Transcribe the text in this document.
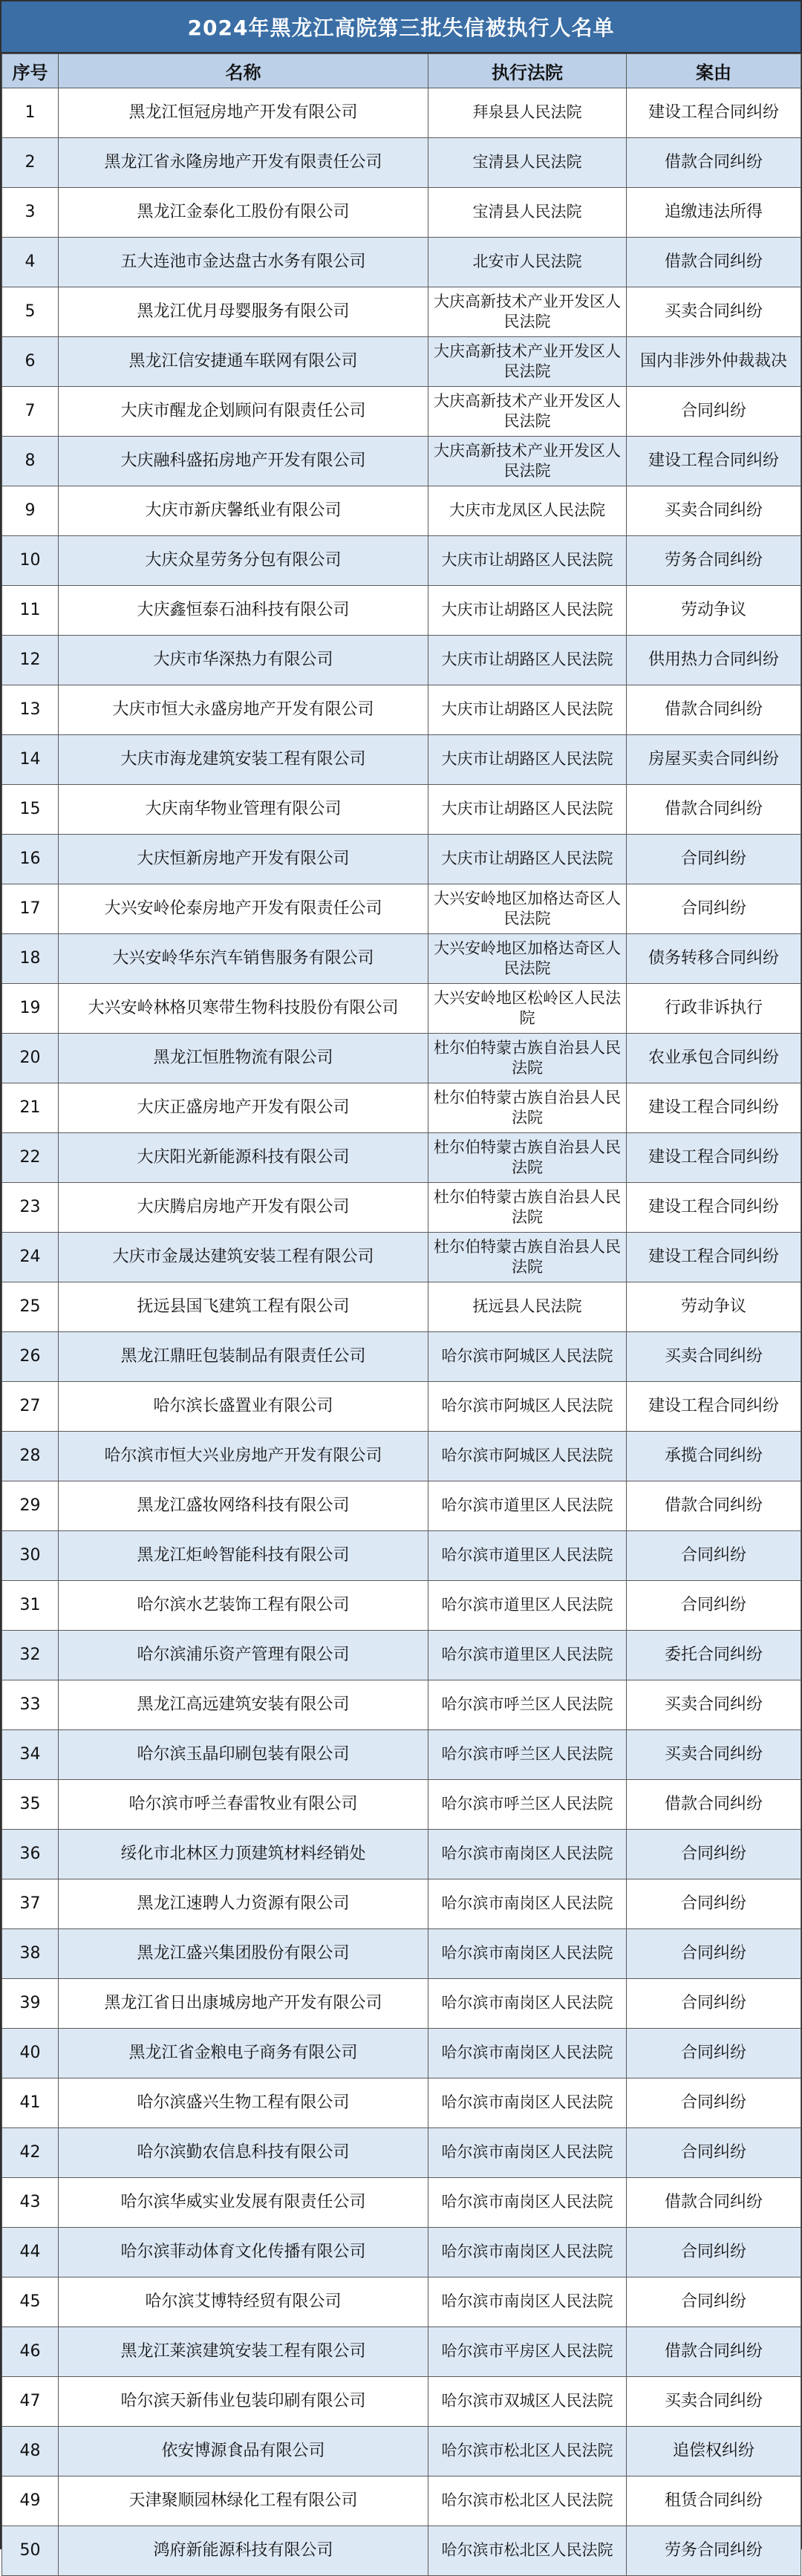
2024年黑龙江高院第三批失信被执行人名单
序号	名称	执行法院	案由
1	黑龙江恒冠房地产开发有限公司	拜泉县人民法院	建设工程合同纠纷
2	黑龙江省永隆房地产开发有限责任公司	宝清县人民法院	借款合同纠纷
3	黑龙江金泰化工股份有限公司	宝清县人民法院	追缴违法所得
4	五大连池市金达盘古水务有限公司	北安市人民法院	借款合同纠纷
5	黑龙江优月母婴服务有限公司	大庆高新技术产业开发区人民法院	买卖合同纠纷
6	黑龙江信安捷通车联网有限公司	大庆高新技术产业开发区人民法院	国内非涉外仲裁裁决
7	大庆市醒龙企划顾问有限责任公司	大庆高新技术产业开发区人民法院	合同纠纷
8	大庆融科盛拓房地产开发有限公司	大庆高新技术产业开发区人民法院	建设工程合同纠纷
9	大庆市新庆馨纸业有限公司	大庆市龙凤区人民法院	买卖合同纠纷
10	大庆众星劳务分包有限公司	大庆市让胡路区人民法院	劳务合同纠纷
11	大庆鑫恒泰石油科技有限公司	大庆市让胡路区人民法院	劳动争议
12	大庆市华深热力有限公司	大庆市让胡路区人民法院	供用热力合同纠纷
13	大庆市恒大永盛房地产开发有限公司	大庆市让胡路区人民法院	借款合同纠纷
14	大庆市海龙建筑安装工程有限公司	大庆市让胡路区人民法院	房屋买卖合同纠纷
15	大庆南华物业管理有限公司	大庆市让胡路区人民法院	借款合同纠纷
16	大庆恒新房地产开发有限公司	大庆市让胡路区人民法院	合同纠纷
17	大兴安岭伦泰房地产开发有限责任公司	大兴安岭地区加格达奇区人民法院	合同纠纷
18	大兴安岭华东汽车销售服务有限公司	大兴安岭地区加格达奇区人民法院	债务转移合同纠纷
19	大兴安岭林格贝寒带生物科技股份有限公司	大兴安岭地区松岭区人民法院	行政非诉执行
20	黑龙江恒胜物流有限公司	杜尔伯特蒙古族自治县人民法院	农业承包合同纠纷
21	大庆正盛房地产开发有限公司	杜尔伯特蒙古族自治县人民法院	建设工程合同纠纷
22	大庆阳光新能源科技有限公司	杜尔伯特蒙古族自治县人民法院	建设工程合同纠纷
23	大庆腾启房地产开发有限公司	杜尔伯特蒙古族自治县人民法院	建设工程合同纠纷
24	大庆市金晟达建筑安装工程有限公司	杜尔伯特蒙古族自治县人民法院	建设工程合同纠纷
25	抚远县国飞建筑工程有限公司	抚远县人民法院	劳动争议
26	黑龙江鼎旺包装制品有限责任公司	哈尔滨市阿城区人民法院	买卖合同纠纷
27	哈尔滨长盛置业有限公司	哈尔滨市阿城区人民法院	建设工程合同纠纷
28	哈尔滨市恒大兴业房地产开发有限公司	哈尔滨市阿城区人民法院	承揽合同纠纷
29	黑龙江盛妆网络科技有限公司	哈尔滨市道里区人民法院	借款合同纠纷
30	黑龙江炬岭智能科技有限公司	哈尔滨市道里区人民法院	合同纠纷
31	哈尔滨水艺装饰工程有限公司	哈尔滨市道里区人民法院	合同纠纷
32	哈尔滨浦乐资产管理有限公司	哈尔滨市道里区人民法院	委托合同纠纷
33	黑龙江高远建筑安装有限公司	哈尔滨市呼兰区人民法院	买卖合同纠纷
34	哈尔滨玉晶印刷包装有限公司	哈尔滨市呼兰区人民法院	买卖合同纠纷
35	哈尔滨市呼兰春雷牧业有限公司	哈尔滨市呼兰区人民法院	借款合同纠纷
36	绥化市北林区力顶建筑材料经销处	哈尔滨市南岗区人民法院	合同纠纷
37	黑龙江速聘人力资源有限公司	哈尔滨市南岗区人民法院	合同纠纷
38	黑龙江盛兴集团股份有限公司	哈尔滨市南岗区人民法院	合同纠纷
39	黑龙江省日出康城房地产开发有限公司	哈尔滨市南岗区人民法院	合同纠纷
40	黑龙江省金粮电子商务有限公司	哈尔滨市南岗区人民法院	合同纠纷
41	哈尔滨盛兴生物工程有限公司	哈尔滨市南岗区人民法院	合同纠纷
42	哈尔滨勤农信息科技有限公司	哈尔滨市南岗区人民法院	合同纠纷
43	哈尔滨华威实业发展有限责任公司	哈尔滨市南岗区人民法院	借款合同纠纷
44	哈尔滨菲动体育文化传播有限公司	哈尔滨市南岗区人民法院	合同纠纷
45	哈尔滨艾博特经贸有限公司	哈尔滨市南岗区人民法院	合同纠纷
46	黑龙江莱滨建筑安装工程有限公司	哈尔滨市平房区人民法院	借款合同纠纷
47	哈尔滨天新伟业包装印刷有限公司	哈尔滨市双城区人民法院	买卖合同纠纷
48	依安博源食品有限公司	哈尔滨市松北区人民法院	追偿权纠纷
49	天津聚顺园林绿化工程有限公司	哈尔滨市松北区人民法院	租赁合同纠纷
50	鸿府新能源科技有限公司	哈尔滨市松北区人民法院	劳务合同纠纷
